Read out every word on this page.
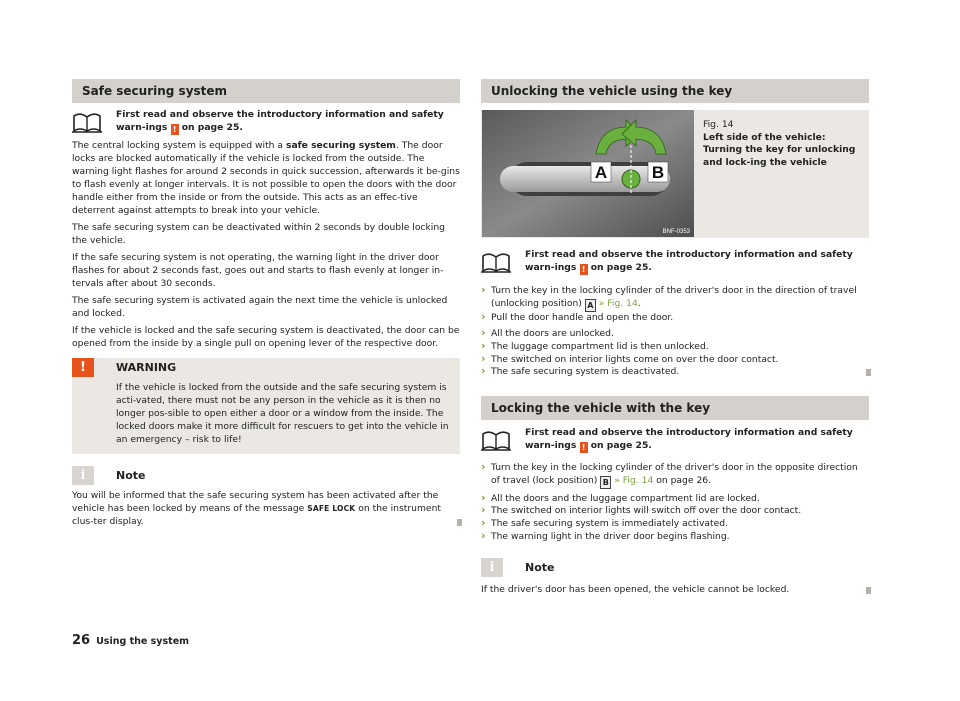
Safe securing system
First read and observe the introductory information and safety warn-ings ! on page 25.

The central locking system is equipped with a safe securing system. The door locks are blocked automatically if the vehicle is locked from the outside. The warning light flashes for around 2 seconds in quick succession, afterwards it be-gins to flash evenly at longer intervals. It is not possible to open the doors with the door handle either from the inside or from the outside. This acts as an effec-tive deterrent against attempts to break into your vehicle.

The safe securing system can be deactivated within 2 seconds by double locking the vehicle.

If the safe securing system is not operating, the warning light in the driver door flashes for about 2 seconds fast, goes out and starts to flash evenly at longer in-tervals after about 30 seconds.

The safe securing system is activated again the next time the vehicle is unlocked and locked.

If the vehicle is locked and the safe securing system is deactivated, the door can be opened from the inside by a single pull on opening lever of the respective door.

!	WARNING
If the vehicle is locked from the outside and the safe securing system is acti-vated, there must not be any person in the vehicle as it is then no longer pos-sible to open either a door or a window from the inside. The locked doors make it more difficult for rescuers to get into the vehicle in an emergency – risk to life!
i	Note

You will be informed that the safe securing system has been activated after the vehicle has been locked by means of the message SAFE LOCK on the instrument clus-ter display.

Unlocking the vehicle using the key
A	B
BNF-0353
Fig. 14
Left side of the vehicle: Turning the key for unlocking and lock-ing the vehicle
First read and observe the introductory information and safety warn-ings ! on page 25.
› Turn the key in the locking cylinder of the driver's door in the direction of travel (unlocking position) A » Fig. 14.
› Pull the door handle and open the door.
› All the doors are unlocked.
› The luggage compartment lid is then unlocked.
› The switched on interior lights come on over the door contact.
› The safe securing system is deactivated.
Locking the vehicle with the key
First read and observe the introductory information and safety warn-ings ! on page 25.
› Turn the key in the locking cylinder of the driver's door in the opposite direction of travel (lock position) B » Fig. 14 on page 26.
› All the doors and the luggage compartment lid are locked.
› The switched on interior lights will switch off over the door contact.
› The safe securing system is immediately activated.
› The warning light in the driver door begins flashing.
i	Note

If the driver's door has been opened, the vehicle cannot be locked.

26 Using the system
